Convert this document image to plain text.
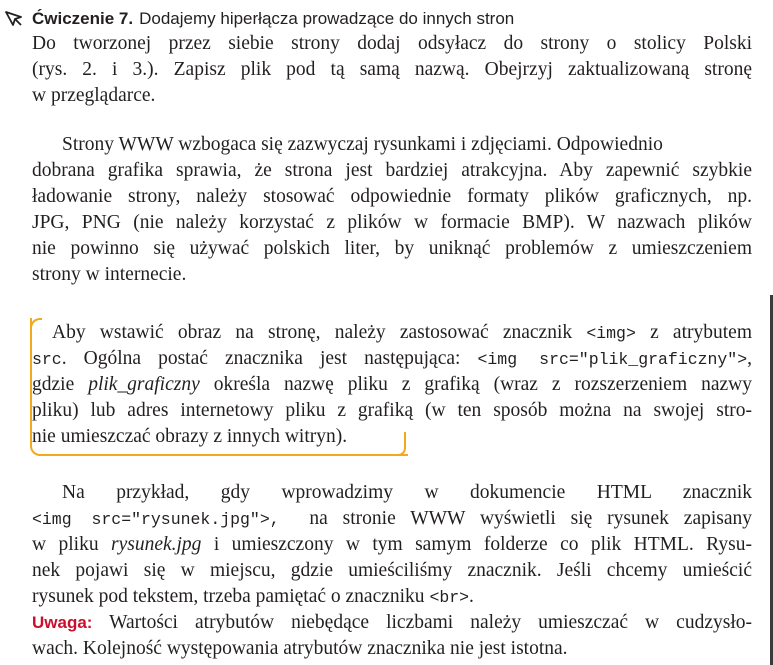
Ćwiczenie 7. Dodajemy hiperłącza prowadzące do innych stron
Do tworzonej przez siebie strony dodaj odsyłacz do strony o stolicy Polski
(rys. 2. i 3.). Zapisz plik pod tą samą nazwą. Obejrzyj zaktualizowaną stronę
w przeglądarce.
Strony WWW wzbogaca się zazwyczaj rysunkami i zdjęciami. Odpowiednio
dobrana grafika sprawia, że strona jest bardziej atrakcyjna. Aby zapewnić szybkie
ładowanie strony, należy stosować odpowiednie formaty plików graficznych, np.
JPG, PNG (nie należy korzystać z plików w formacie BMP). W nazwach plików
nie powinno się używać polskich liter, by uniknąć problemów z umieszczeniem
strony w internecie.
Aby wstawić obraz na stronę, należy zastosować znacznik <img> z atrybutem
src. Ogólna postać znacznika jest następująca: <img src="plik_graficzny">,
gdzie plik_graficzny określa nazwę pliku z grafiką (wraz z rozszerzeniem nazwy
pliku) lub adres internetowy pliku z grafiką (w ten sposób można na swojej stro-
nie umieszczać obrazy z innych witryn).
Na przykład, gdy wprowadzimy w dokumencie HTML znacznik
<img src="rysunek.jpg">, na stronie WWW wyświetli się rysunek zapisany
w pliku rysunek.jpg i umieszczony w tym samym folderze co plik HTML. Rysu-
nek pojawi się w miejscu, gdzie umieściliśmy znacznik. Jeśli chcemy umieścić
rysunek pod tekstem, trzeba pamiętać o znaczniku <br>.
Uwaga: Wartości atrybutów niebędące liczbami należy umieszczać w cudzysło-
wach. Kolejność występowania atrybutów znacznika nie jest istotna.
